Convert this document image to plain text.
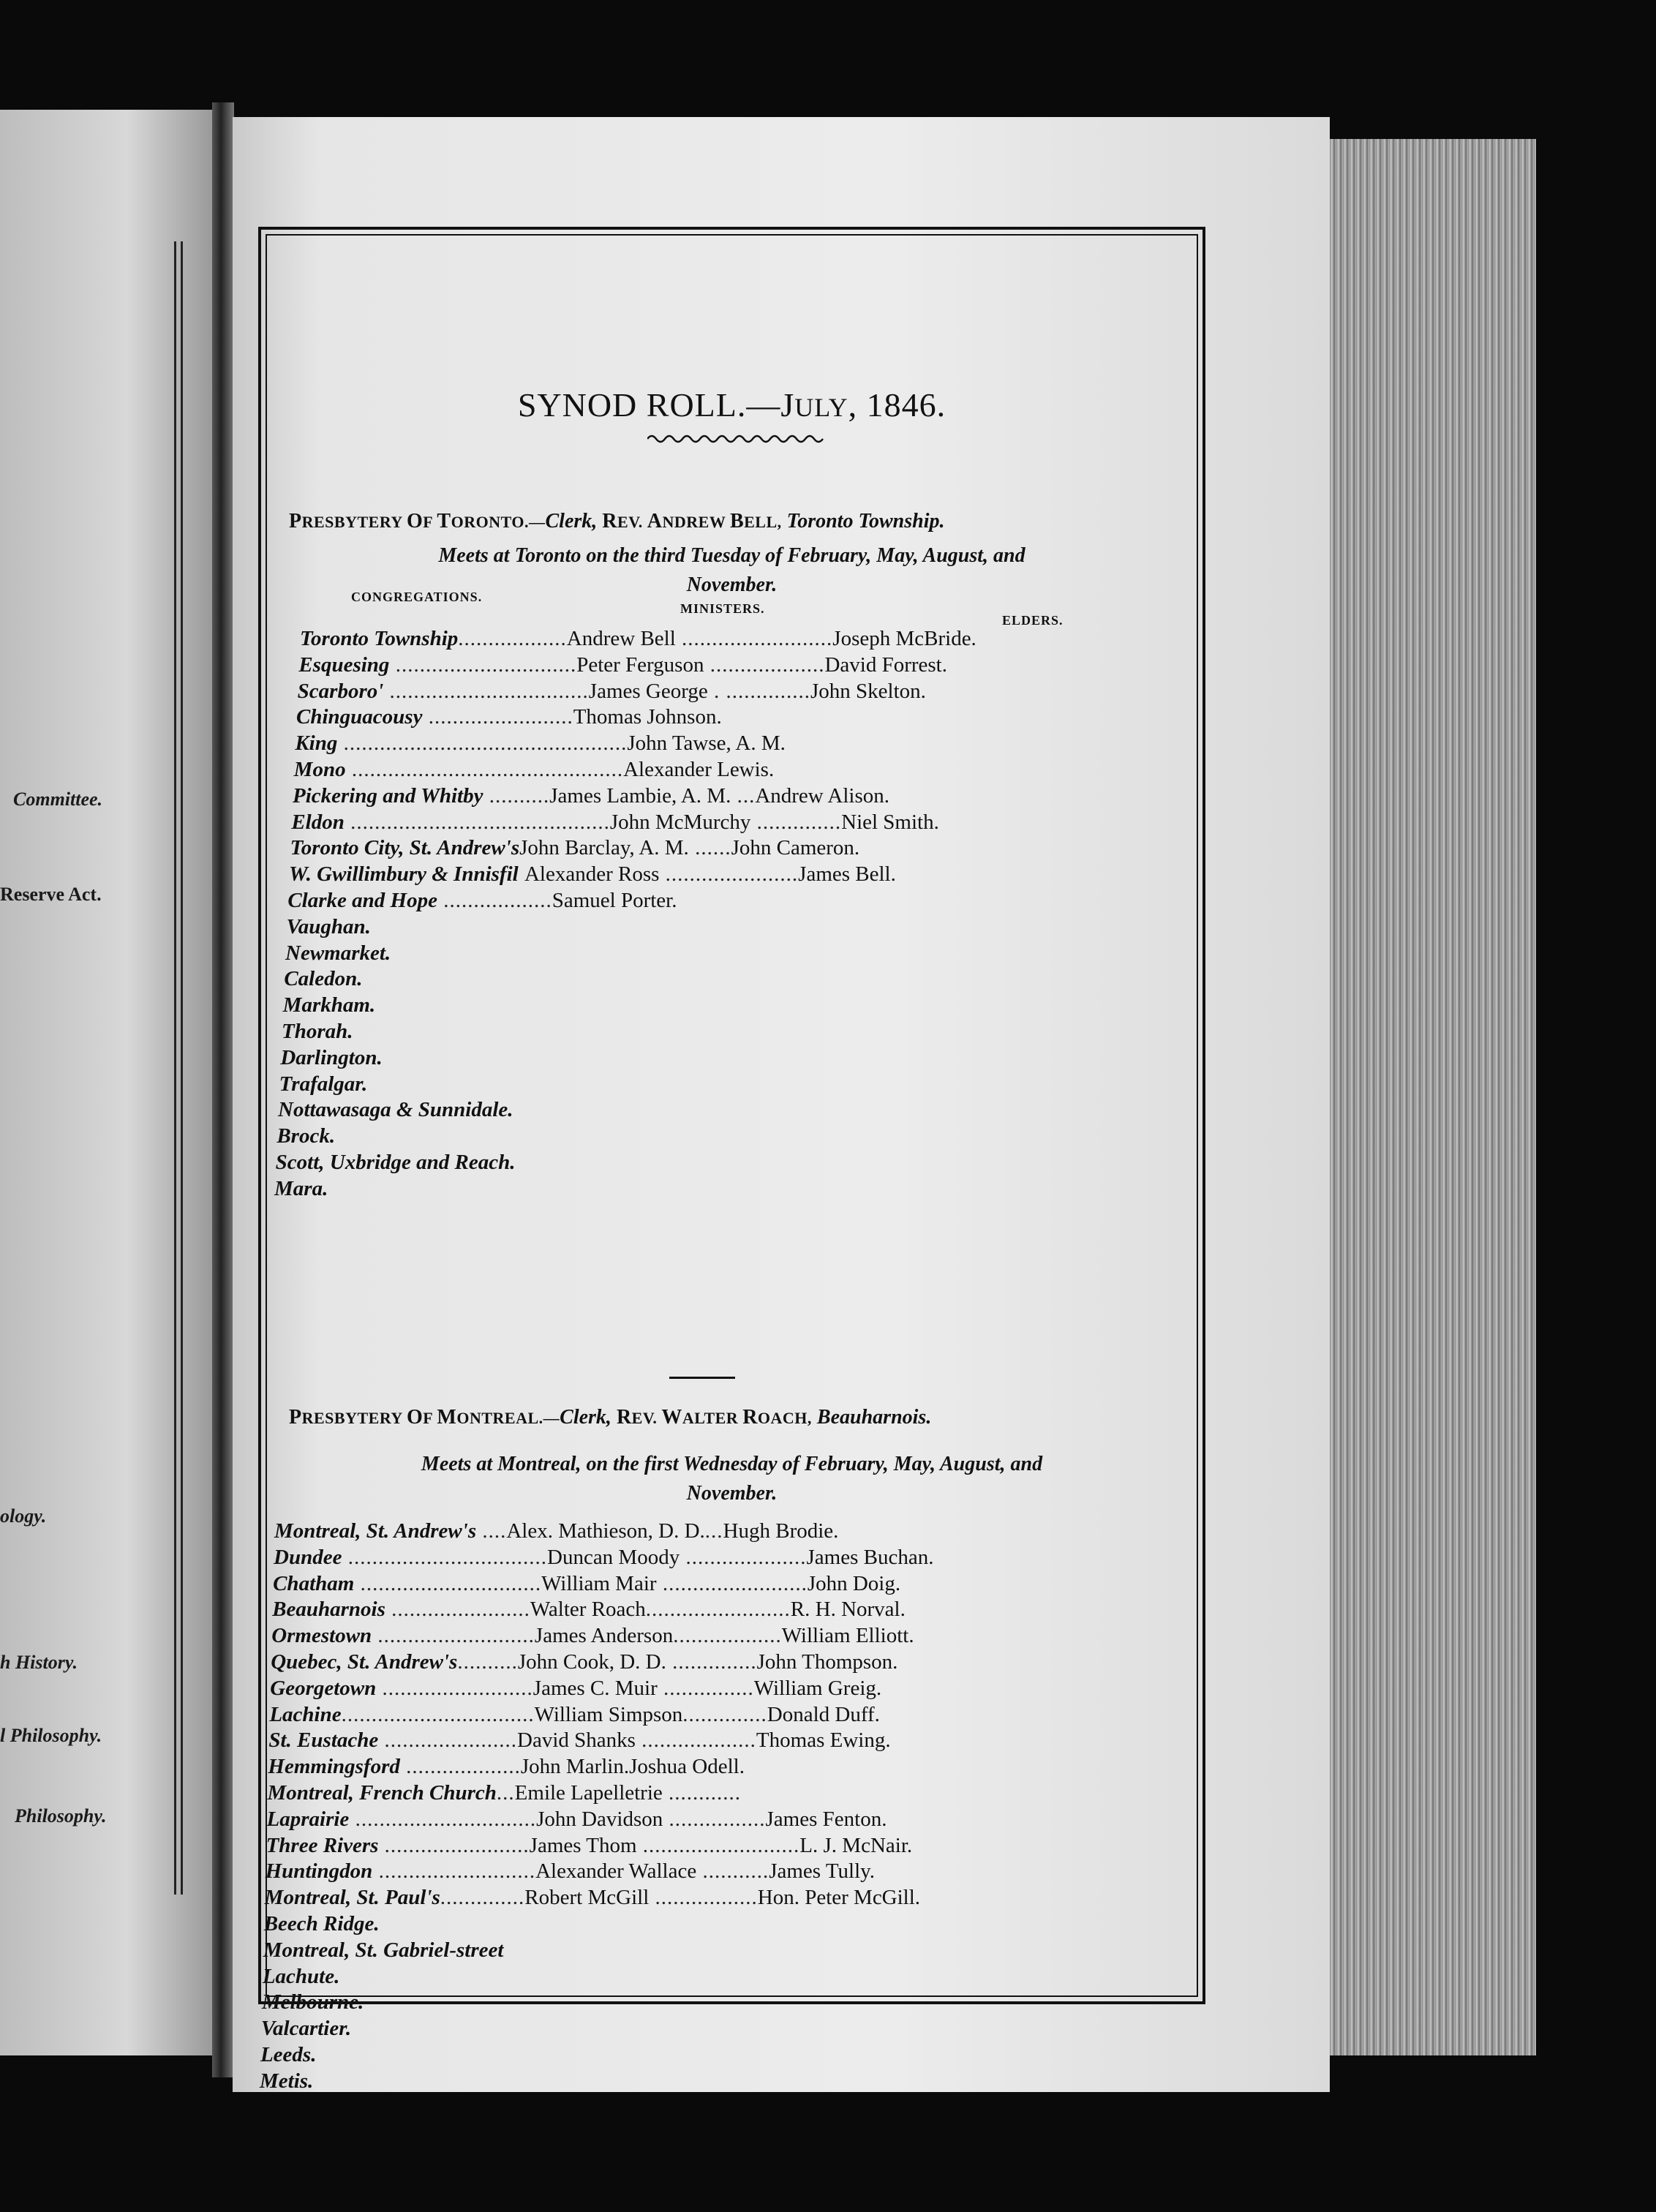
Committee.
Reserve Act.
ology.
h History.
l Philosophy.
Philosophy.
SYNOD ROLL.—JULY, 1846.
PRESBYTERY OF TORONTO.—Clerk, REV. ANDREW BELL, Toronto Township.
Meets at Toronto on the third Tuesday of February, May, August, and
November.
CONGREGATIONS.
MINISTERS.
ELDERS.
Toronto Township..................Andrew Bell .........................Joseph McBride.
Esquesing ..............................Peter Ferguson ...................David Forrest.
Scarboro' .................................James George . ..............John Skelton.
Chinguacousy ........................Thomas Johnson.
King ...............................................John Tawse, A. M.
Mono .............................................Alexander Lewis.
Pickering and Whitby ..........James Lambie, A. M. ...Andrew Alison.
Eldon ...........................................John McMurchy ..............Niel Smith.
Toronto City, St. Andrew'sJohn Barclay, A. M. ......John Cameron.
W. Gwillimbury & Innisfil Alexander Ross ......................James Bell.
Clarke and Hope ..................Samuel Porter.
Vaughan.
Newmarket.
Caledon.
Markham.
Thorah.
Darlington.
Trafalgar.
Nottawasaga & Sunnidale.
Brock.
Scott, Uxbridge and Reach.
Mara.
PRESBYTERY OF MONTREAL.—Clerk, REV. WALTER ROACH, Beauharnois.
Meets at Montreal, on the first Wednesday of February, May, August, and
November.
Montreal, St. Andrew's ....Alex. Mathieson, D. D....Hugh Brodie.
Dundee .................................Duncan Moody ....................James Buchan.
Chatham ..............................William Mair ........................John Doig.
Beauharnois .......................Walter Roach........................R. H. Norval.
Ormestown ..........................James Anderson..................William Elliott.
Quebec, St. Andrew's..........John Cook, D. D. ..............John Thompson.
Georgetown .........................James C. Muir ...............William Greig.
Lachine................................William Simpson..............Donald Duff.
St. Eustache ......................David Shanks ...................Thomas Ewing.
Hemmingsford ...................John Marlin.Joshua Odell.
Montreal, French Church...Emile Lapelletrie ............
Laprairie ..............................John Davidson ................James Fenton.
Three Rivers ........................James Thom ..........................L. J. McNair.
Huntingdon ..........................Alexander Wallace ...........James Tully.
Montreal, St. Paul's..............Robert McGill .................Hon. Peter McGill.
Beech Ridge.
Montreal, St. Gabriel-street
Lachute.
Melbourne.
Valcartier.
Leeds.
Metis.
